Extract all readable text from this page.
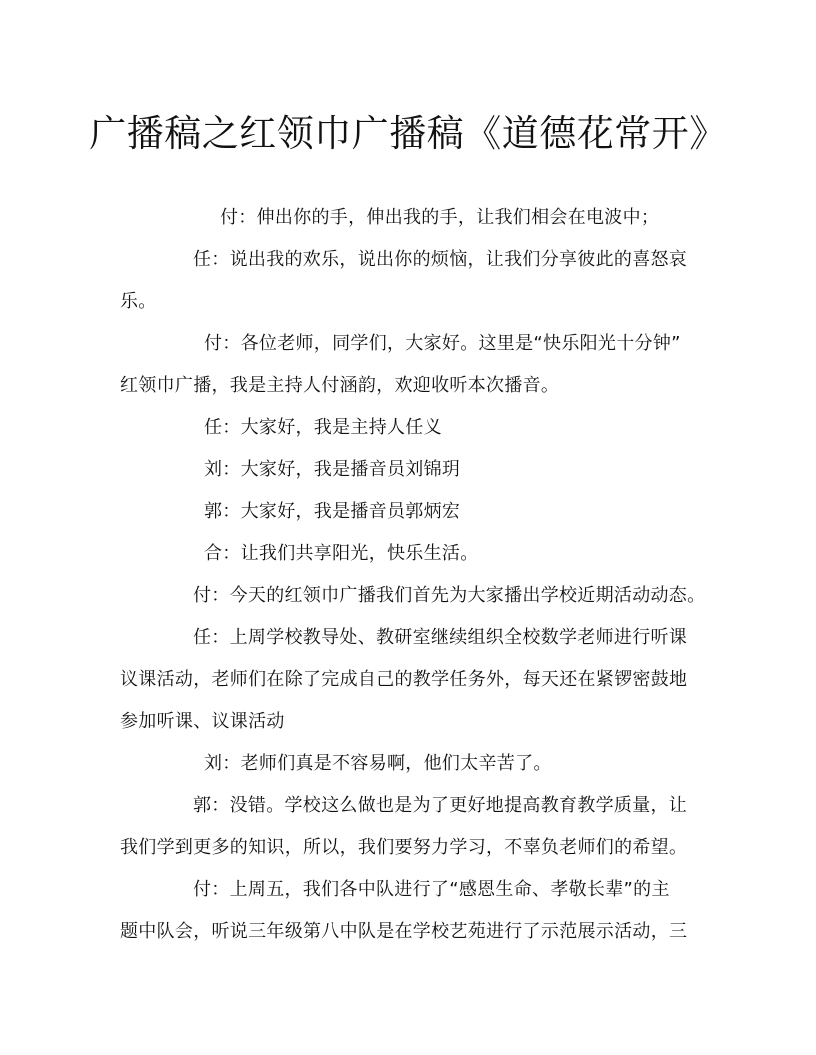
广播稿之红领巾广播稿《道德花常开》
付：伸出你的手，伸出我的手，让我们相会在电波中；
任：说出我的欢乐，说出你的烦恼，让我们分享彼此的喜怒哀
乐。
付：各位老师，同学们，大家好。这里是“快乐阳光十分钟”
红领巾广播，我是主持人付涵韵，欢迎收听本次播音。
任：大家好，我是主持人任义
刘：大家好，我是播音员刘锦玥
郭：大家好，我是播音员郭炳宏
合：让我们共享阳光，快乐生活。
付：今天的红领巾广播我们首先为大家播出学校近期活动动态。
任：上周学校教导处、教研室继续组织全校数学老师进行听课
议课活动，老师们在除了完成自己的教学任务外，每天还在紧锣密鼓地
参加听课、议课活动
刘：老师们真是不容易啊，他们太辛苦了。
郭：没错。学校这么做也是为了更好地提高教育教学质量，让
我们学到更多的知识，所以，我们要努力学习，不辜负老师们的希望。
付：上周五，我们各中队进行了“感恩生命、孝敬长辈”的主
题中队会，听说三年级第八中队是在学校艺苑进行了示范展示活动，三
